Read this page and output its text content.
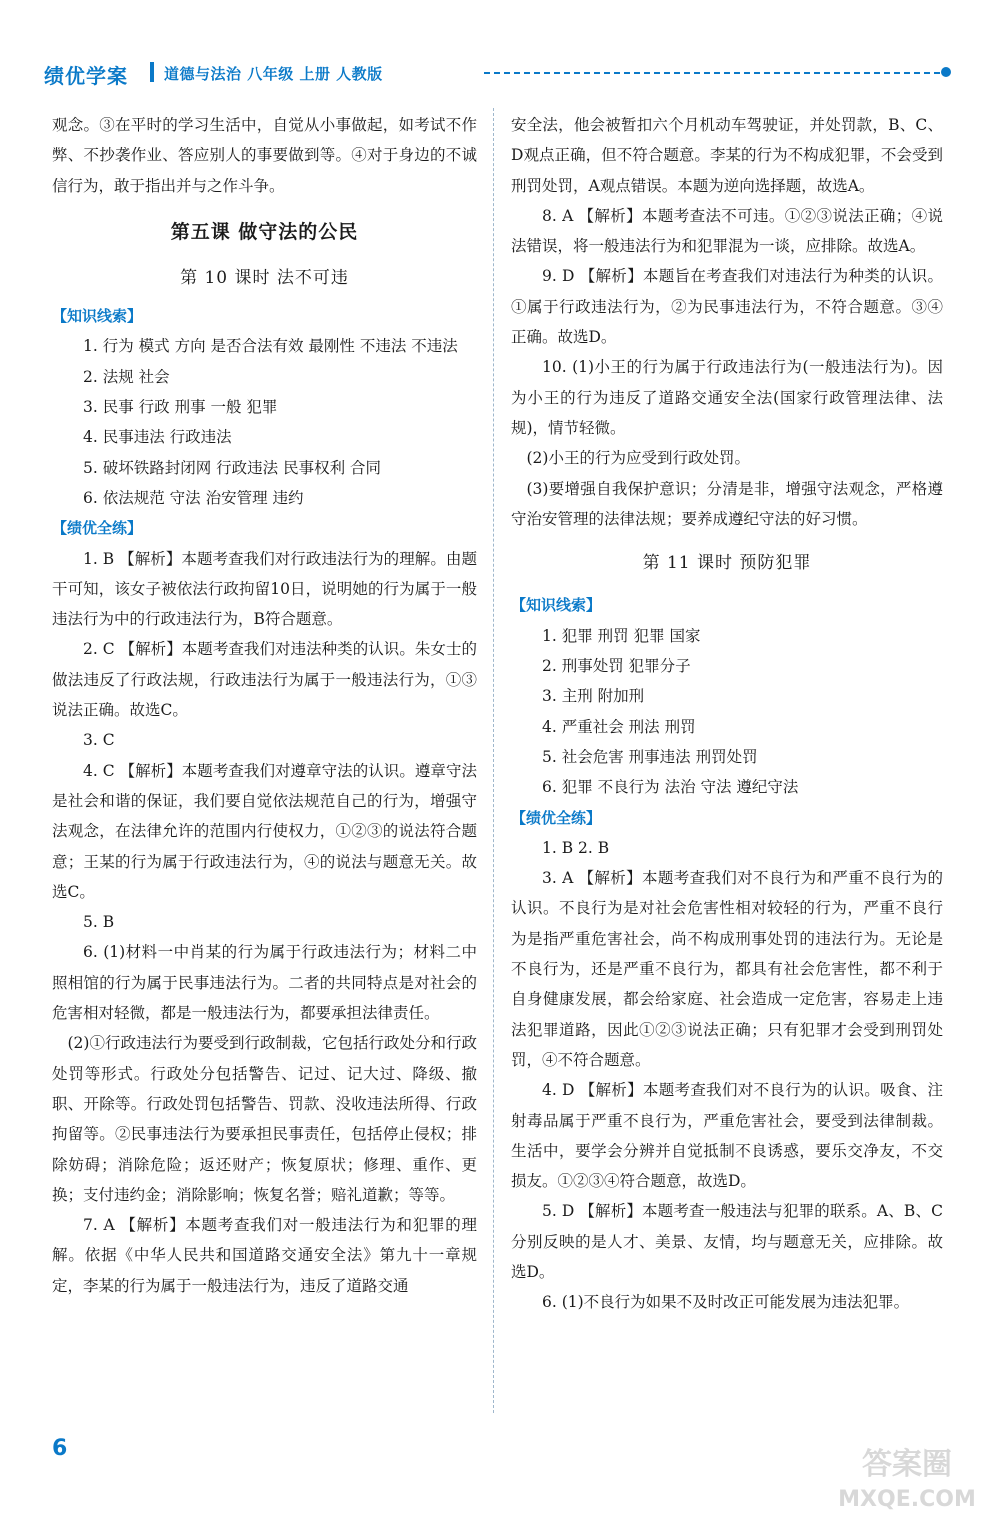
绩优学案 道德与法治 八年级 上册 人教版

观念。③在平时的学习生活中，自觉从小事做起，如考试不作弊、不抄袭作业、答应别人的事要做到等。④对于身边的不诚信行为，敢于指出并与之作斗争。

第五课 做守法的公民
第 10 课时 法不可违

【知识线索】

1. 行为 模式 方向 是否合法有效 最刚性 不违法 不违法

2. 法规 社会

3. 民事 行政 刑事 一般 犯罪

4. 民事违法 行政违法

5. 破坏铁路封闭网 行政违法 民事权利 合同

6. 依法规范 守法 治安管理 违约

【绩优全练】

1. B 【解析】本题考查我们对行政违法行为的理解。由题干可知，该女子被依法行政拘留10日，说明她的行为属于一般违法行为中的行政违法行为，B符合题意。

2. C 【解析】本题考查我们对违法种类的认识。朱女士的做法违反了行政法规，行政违法行为属于一般违法行为，①③说法正确。故选C。

3. C

4. C 【解析】本题考查我们对遵章守法的认识。遵章守法是社会和谐的保证，我们要自觉依法规范自己的行为，增强守法观念，在法律允许的范围内行使权力，①②③的说法符合题意；王某的行为属于行政违法行为，④的说法与题意无关。故选C。

5. B

6. (1)材料一中肖某的行为属于行政违法行为；材料二中照相馆的行为属于民事违法行为。二者的共同特点是对社会的危害相对轻微，都是一般违法行为，都要承担法律责任。

(2)①行政违法行为要受到行政制裁，它包括行政处分和行政处罚等形式。行政处分包括警告、记过、记大过、降级、撤职、开除等。行政处罚包括警告、罚款、没收违法所得、行政拘留等。②民事违法行为要承担民事责任，包括停止侵权；排除妨碍；消除危险；返还财产；恢复原状；修理、重作、更换；支付违约金；消除影响；恢复名誉；赔礼道歉；等等。

7. A 【解析】本题考查我们对一般违法行为和犯罪的理解。依据《中华人民共和国道路交通安全法》第九十一章规定，李某的行为属于一般违法行为，违反了道路交通

安全法，他会被暂扣六个月机动车驾驶证，并处罚款，B、C、D观点正确，但不符合题意。李某的行为不构成犯罪，不会受到刑罚处罚，A观点错误。本题为逆向选择题，故选A。

8. A 【解析】本题考查法不可违。①②③说法正确；④说法错误，将一般违法行为和犯罪混为一谈，应排除。故选A。

9. D 【解析】本题旨在考查我们对违法行为种类的认识。①属于行政违法行为，②为民事违法行为，不符合题意。③④正确。故选D。

10. (1)小王的行为属于行政违法行为(一般违法行为)。因为小王的行为违反了道路交通安全法(国家行政管理法律、法规)，情节轻微。

(2)小王的行为应受到行政处罚。

(3)要增强自我保护意识；分清是非，增强守法观念，严格遵守治安管理的法律法规；要养成遵纪守法的好习惯。

第 11 课时 预防犯罪

【知识线索】

1. 犯罪 刑罚 犯罪 国家

2. 刑事处罚 犯罪分子

3. 主刑 附加刑

4. 严重社会 刑法 刑罚

5. 社会危害 刑事违法 刑罚处罚

6. 犯罪 不良行为 法治 守法 遵纪守法

【绩优全练】

1. B 2. B

3. A 【解析】本题考查我们对不良行为和严重不良行为的认识。不良行为是对社会危害性相对较轻的行为，严重不良行为是指严重危害社会，尚不构成刑事处罚的违法行为。无论是不良行为，还是严重不良行为，都具有社会危害性，都不利于自身健康发展，都会给家庭、社会造成一定危害，容易走上违法犯罪道路，因此①②③说法正确；只有犯罪才会受到刑罚处罚，④不符合题意。

4. D 【解析】本题考查我们对不良行为的认识。吸食、注射毒品属于严重不良行为，严重危害社会，要受到法律制裁。生活中，要学会分辨并自觉抵制不良诱惑，要乐交净友，不交损友。①②③④符合题意，故选D。

5. D 【解析】本题考查一般违法与犯罪的联系。A、B、C分别反映的是人才、美景、友情，均与题意无关，应排除。故选D。

6. (1)不良行为如果不及时改正可能发展为违法犯罪。

6	答案圈
MXQE.COM
